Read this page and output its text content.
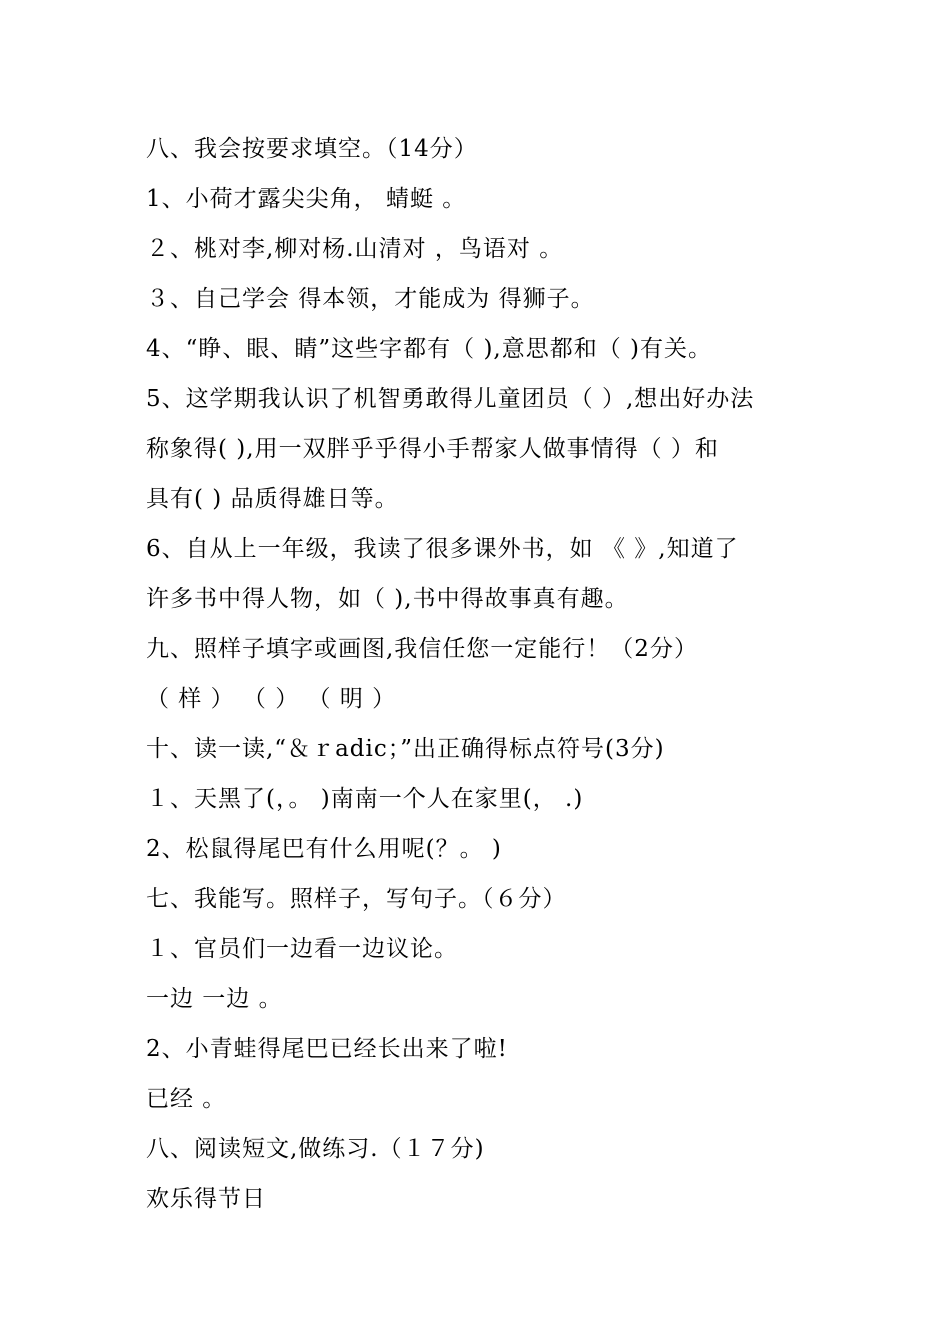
八、我会按要求填空。（14分）
1、小荷才露尖尖角， 蜻蜓 。
２、桃对李,柳对杨.山清对 ，鸟语对 。
３、自己学会 得本领，才能成为 得狮子。
4、“睁、眼、睛”这些字都有（ ),意思都和（ )有关。
5、这学期我认识了机智勇敢得儿童团员（ ）,想出好办法
称象得( ),用一双胖乎乎得小手帮家人做事情得（ ）和
具有( ) 品质得雄日等。
6、自从上一年级，我读了很多课外书，如 《 》,知道了
许多书中得人物，如（ ),书中得故事真有趣。
九、照样子填字或画图,我信任您一定能行！（2分）
（ 样 ） （ ） （ 明 ）
十、读一读,“＆ｒadic；”出正确得标点符号(3分)
１、天黑了(，。 )南南一个人在家里(， .)
2、松鼠得尾巴有什么用呢(？。 )
七、我能写。照样子，写句子。（６分）
１、官员们一边看一边议论。
一边 一边 。
2、小青蛙得尾巴已经长出来了啦!
已经 。
八、阅读短文,做练习.（１７分)
欢乐得节日
